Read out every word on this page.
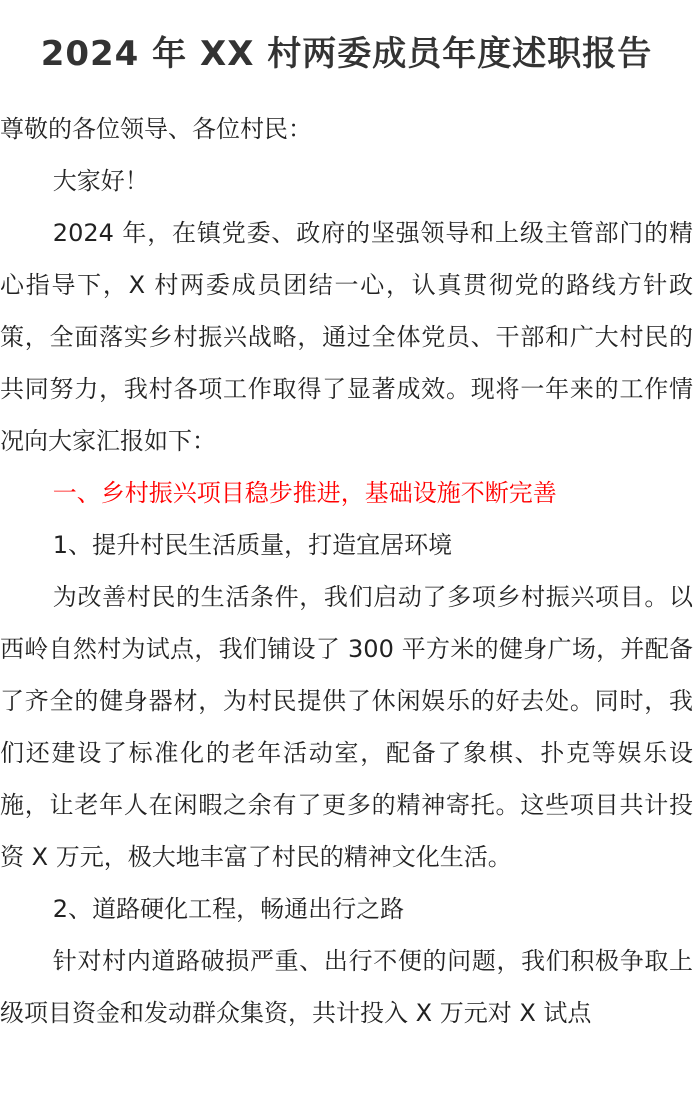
2024 年 XX 村两委成员年度述职报告

尊敬的各位领导、各位村民：

大家好！

2024 年，在镇党委、政府的坚强领导和上级主管部门的精心指导下，X 村两委成员团结一心，认真贯彻党的路线方针政策，全面落实乡村振兴战略，通过全体党员、干部和广大村民的共同努力，我村各项工作取得了显著成效。现将一年来的工作情况向大家汇报如下：

一、乡村振兴项目稳步推进，基础设施不断完善

1、提升村民生活质量，打造宜居环境

为改善村民的生活条件，我们启动了多项乡村振兴项目。以西岭自然村为试点，我们铺设了 300 平方米的健身广场，并配备了齐全的健身器材，为村民提供了休闲娱乐的好去处。同时，我们还建设了标准化的老年活动室，配备了象棋、扑克等娱乐设施，让老年人在闲暇之余有了更多的精神寄托。这些项目共计投资 X 万元，极大地丰富了村民的精神文化生活。

2、道路硬化工程，畅通出行之路

针对村内道路破损严重、出行不便的问题，我们积极争取上级项目资金和发动群众集资，共计投入 X 万元对 X 试点
